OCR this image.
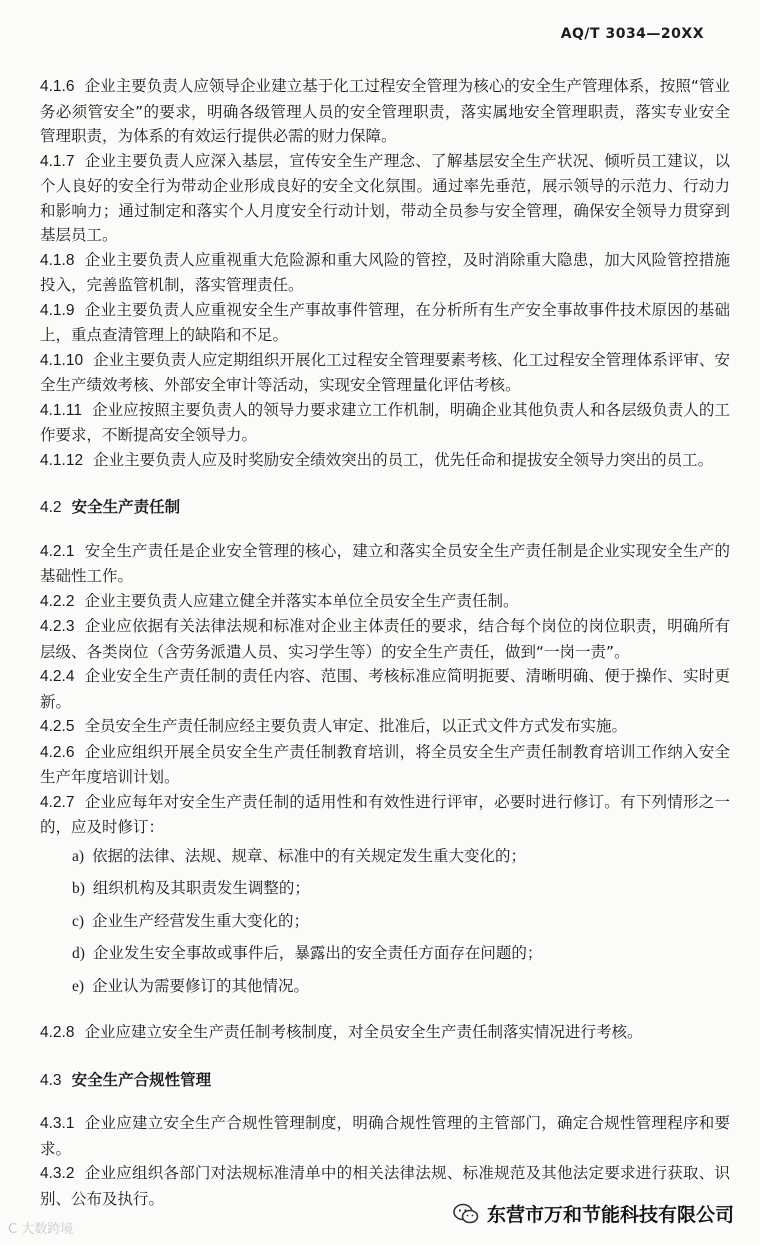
AQ/T 3034—20XX

4.1.6 企业主要负责人应领导企业建立基于化工过程安全管理为核心的安全生产管理体系，按照“管业务必须管安全”的要求，明确各级管理人员的安全管理职责，落实属地安全管理职责，落实专业安全管理职责，为体系的有效运行提供必需的财力保障。

4.1.7 企业主要负责人应深入基层，宣传安全生产理念、了解基层安全生产状况、倾听员工建议，以个人良好的安全行为带动企业形成良好的安全文化氛围。通过率先垂范，展示领导的示范力、行动力和影响力；通过制定和落实个人月度安全行动计划，带动全员参与安全管理，确保安全领导力贯穿到基层员工。

4.1.8 企业主要负责人应重视重大危险源和重大风险的管控，及时消除重大隐患，加大风险管控措施投入，完善监管机制，落实管理责任。

4.1.9 企业主要负责人应重视安全生产事故事件管理，在分析所有生产安全事故事件技术原因的基础上，重点查清管理上的缺陷和不足。

4.1.10 企业主要负责人应定期组织开展化工过程安全管理要素考核、化工过程安全管理体系评审、安全生产绩效考核、外部安全审计等活动，实现安全管理量化评估考核。

4.1.11 企业应按照主要负责人的领导力要求建立工作机制，明确企业其他负责人和各层级负责人的工作要求，不断提高安全领导力。

4.1.12 企业主要负责人应及时奖励安全绩效突出的员工，优先任命和提拔安全领导力突出的员工。

4.2 安全生产责任制

4.2.1 安全生产责任是企业安全管理的核心，建立和落实全员安全生产责任制是企业实现安全生产的基础性工作。

4.2.2 企业主要负责人应建立健全并落实本单位全员安全生产责任制。

4.2.3 企业应依据有关法律法规和标准对企业主体责任的要求，结合每个岗位的岗位职责，明确所有层级、各类岗位（含劳务派遣人员、实习学生等）的安全生产责任，做到“一岗一责”。

4.2.4 企业安全生产责任制的责任内容、范围、考核标准应简明扼要、清晰明确、便于操作、实时更新。

4.2.5 全员安全生产责任制应经主要负责人审定、批准后，以正式文件方式发布实施。

4.2.6 企业应组织开展全员安全生产责任制教育培训，将全员安全生产责任制教育培训工作纳入安全生产年度培训计划。

4.2.7 企业应每年对安全生产责任制的适用性和有效性进行评审，必要时进行修订。有下列情形之一的，应及时修订：

a) 依据的法律、法规、规章、标准中的有关规定发生重大变化的；
b) 组织机构及其职责发生调整的；
c) 企业生产经营发生重大变化的；
d) 企业发生安全事故或事件后，暴露出的安全责任方面存在问题的；
e) 企业认为需要修订的其他情况。

4.2.8 企业应建立安全生产责任制考核制度，对全员安全生产责任制落实情况进行考核。

4.3 安全生产合规性管理

4.3.1 企业应建立安全生产合规性管理制度，明确合规性管理的主管部门，确定合规性管理程序和要求。

4.3.2 企业应组织各部门对法规标准清单中的相关法律法规、标准规范及其他法定要求进行获取、识别、公布及执行。

C 大数跨境
东营市万和节能科技有限公司
